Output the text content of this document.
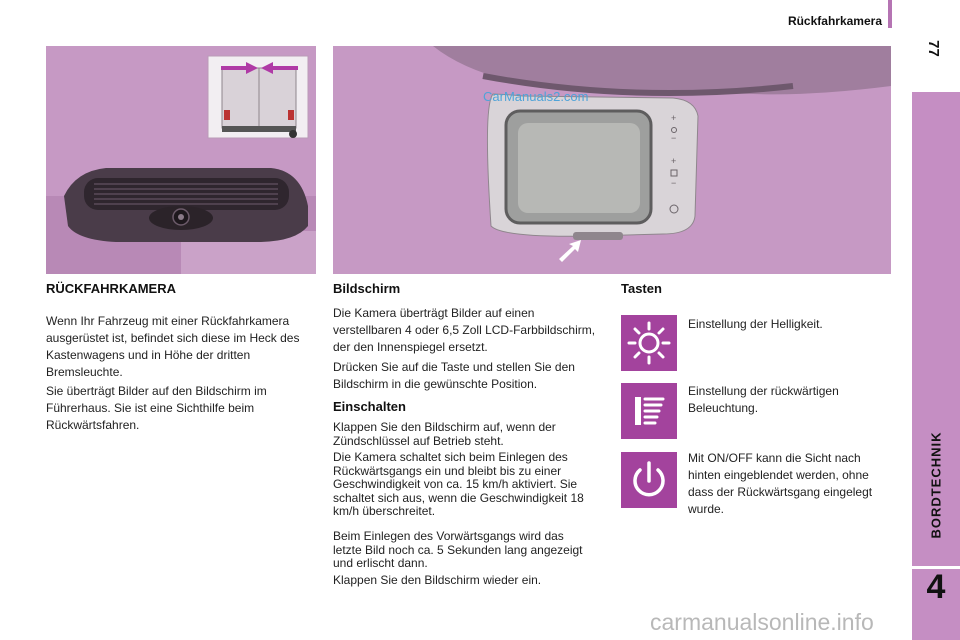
Rückfahrkamera
77
BORDTECHNIK
4
+
−
+
−
CarManuals2.com
RÜCKFAHRKAMERA
Wenn Ihr Fahrzeug mit einer Rückfahrkamera ausgerüstet ist, befindet sich diese im Heck des Kastenwagens und in Höhe der dritten Bremsleuchte.
Sie überträgt Bilder auf den Bildschirm im Führerhaus. Sie ist eine Sichthilfe beim Rückwärtsfahren.
Bildschirm
Die Kamera überträgt Bilder auf einen verstellbaren 4 oder 6,5 Zoll LCD-Farbbildschirm, der den Innenspiegel ersetzt.
Drücken Sie auf die Taste und stellen Sie den Bildschirm in die gewünschte Position.
Einschalten
Klappen Sie den Bildschirm auf, wenn der Zündschlüssel auf Betrieb steht.
Die Kamera schaltet sich beim Einlegen des Rückwärtsgangs ein und bleibt bis zu einer Geschwindigkeit von ca. 15 km/h aktiviert. Sie schaltet sich aus, wenn die Geschwindigkeit 18 km/h überschreitet.
Beim Einlegen des Vorwärtsgangs wird das letzte Bild noch ca. 5 Sekunden lang angezeigt und erlischt dann.
Klappen Sie den Bildschirm wieder ein.
Tasten
Einstellung der Helligkeit.
Einstellung der rückwärtigen Beleuchtung.
Mit ON/OFF kann die Sicht nach hinten eingeblendet werden, ohne dass der Rückwärtsgang eingelegt wurde.
carmanualsonline.info
